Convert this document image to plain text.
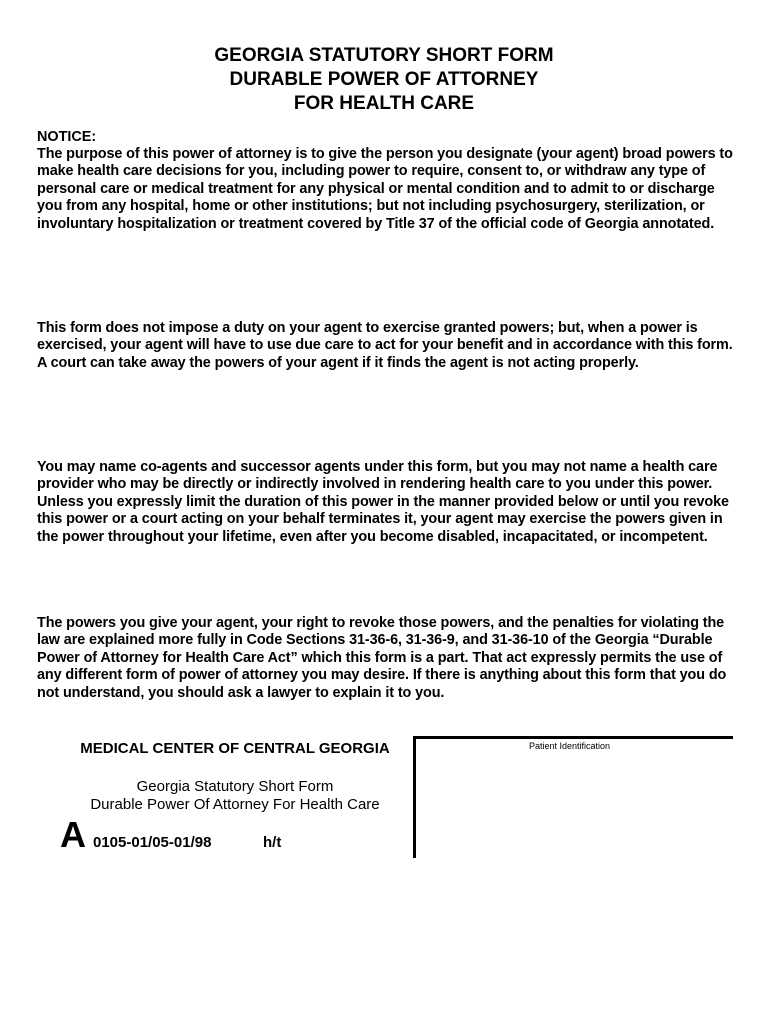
GEORGIA STATUTORY SHORT FORM
DURABLE POWER OF ATTORNEY
FOR HEALTH CARE
NOTICE:
The purpose of this power of attorney is to give the person you designate (your agent) broad powers to make health care decisions for you, including power to require, consent to, or withdraw any type of personal care or medical treatment for any physical or mental condition and to admit to or discharge you from any hospital, home or other institutions; but not including psychosurgery, sterilization, or involuntary hospitalization or treatment covered by Title 37 of the official code of Georgia annotated.
This form does not impose a duty on your agent to exercise granted powers; but, when a power is exercised, your agent will have to use due care to act for your benefit and in accordance with this form. A court can take away the powers of your agent if it finds the agent is not acting properly.
You may name co-agents and successor agents under this form, but you may not name a health care provider who may be directly or indirectly involved in rendering health care to you under this power. Unless you expressly limit the duration of this power in the manner provided below or until you revoke this power or a court acting on your behalf terminates it, your agent may exercise the powers given in the power throughout your lifetime, even after you become disabled, incapacitated, or incompetent.
The powers you give your agent, your right to revoke those powers, and the penalties for violating the law are explained more fully in Code Sections 31-36-6, 31-36-9, and 31-36-10 of the Georgia “Durable Power of Attorney for Health Care Act” which this form is a part. That act expressly permits the use of any different form of power of attorney you may desire. If there is anything about this form that you do not understand, you should ask a lawyer to explain it to you.
MEDICAL CENTER OF CENTRAL GEORGIA
Georgia Statutory Short Form
Durable Power Of Attorney For Health Care
A 0105-01/05-01/98	h/t
Patient Identification
